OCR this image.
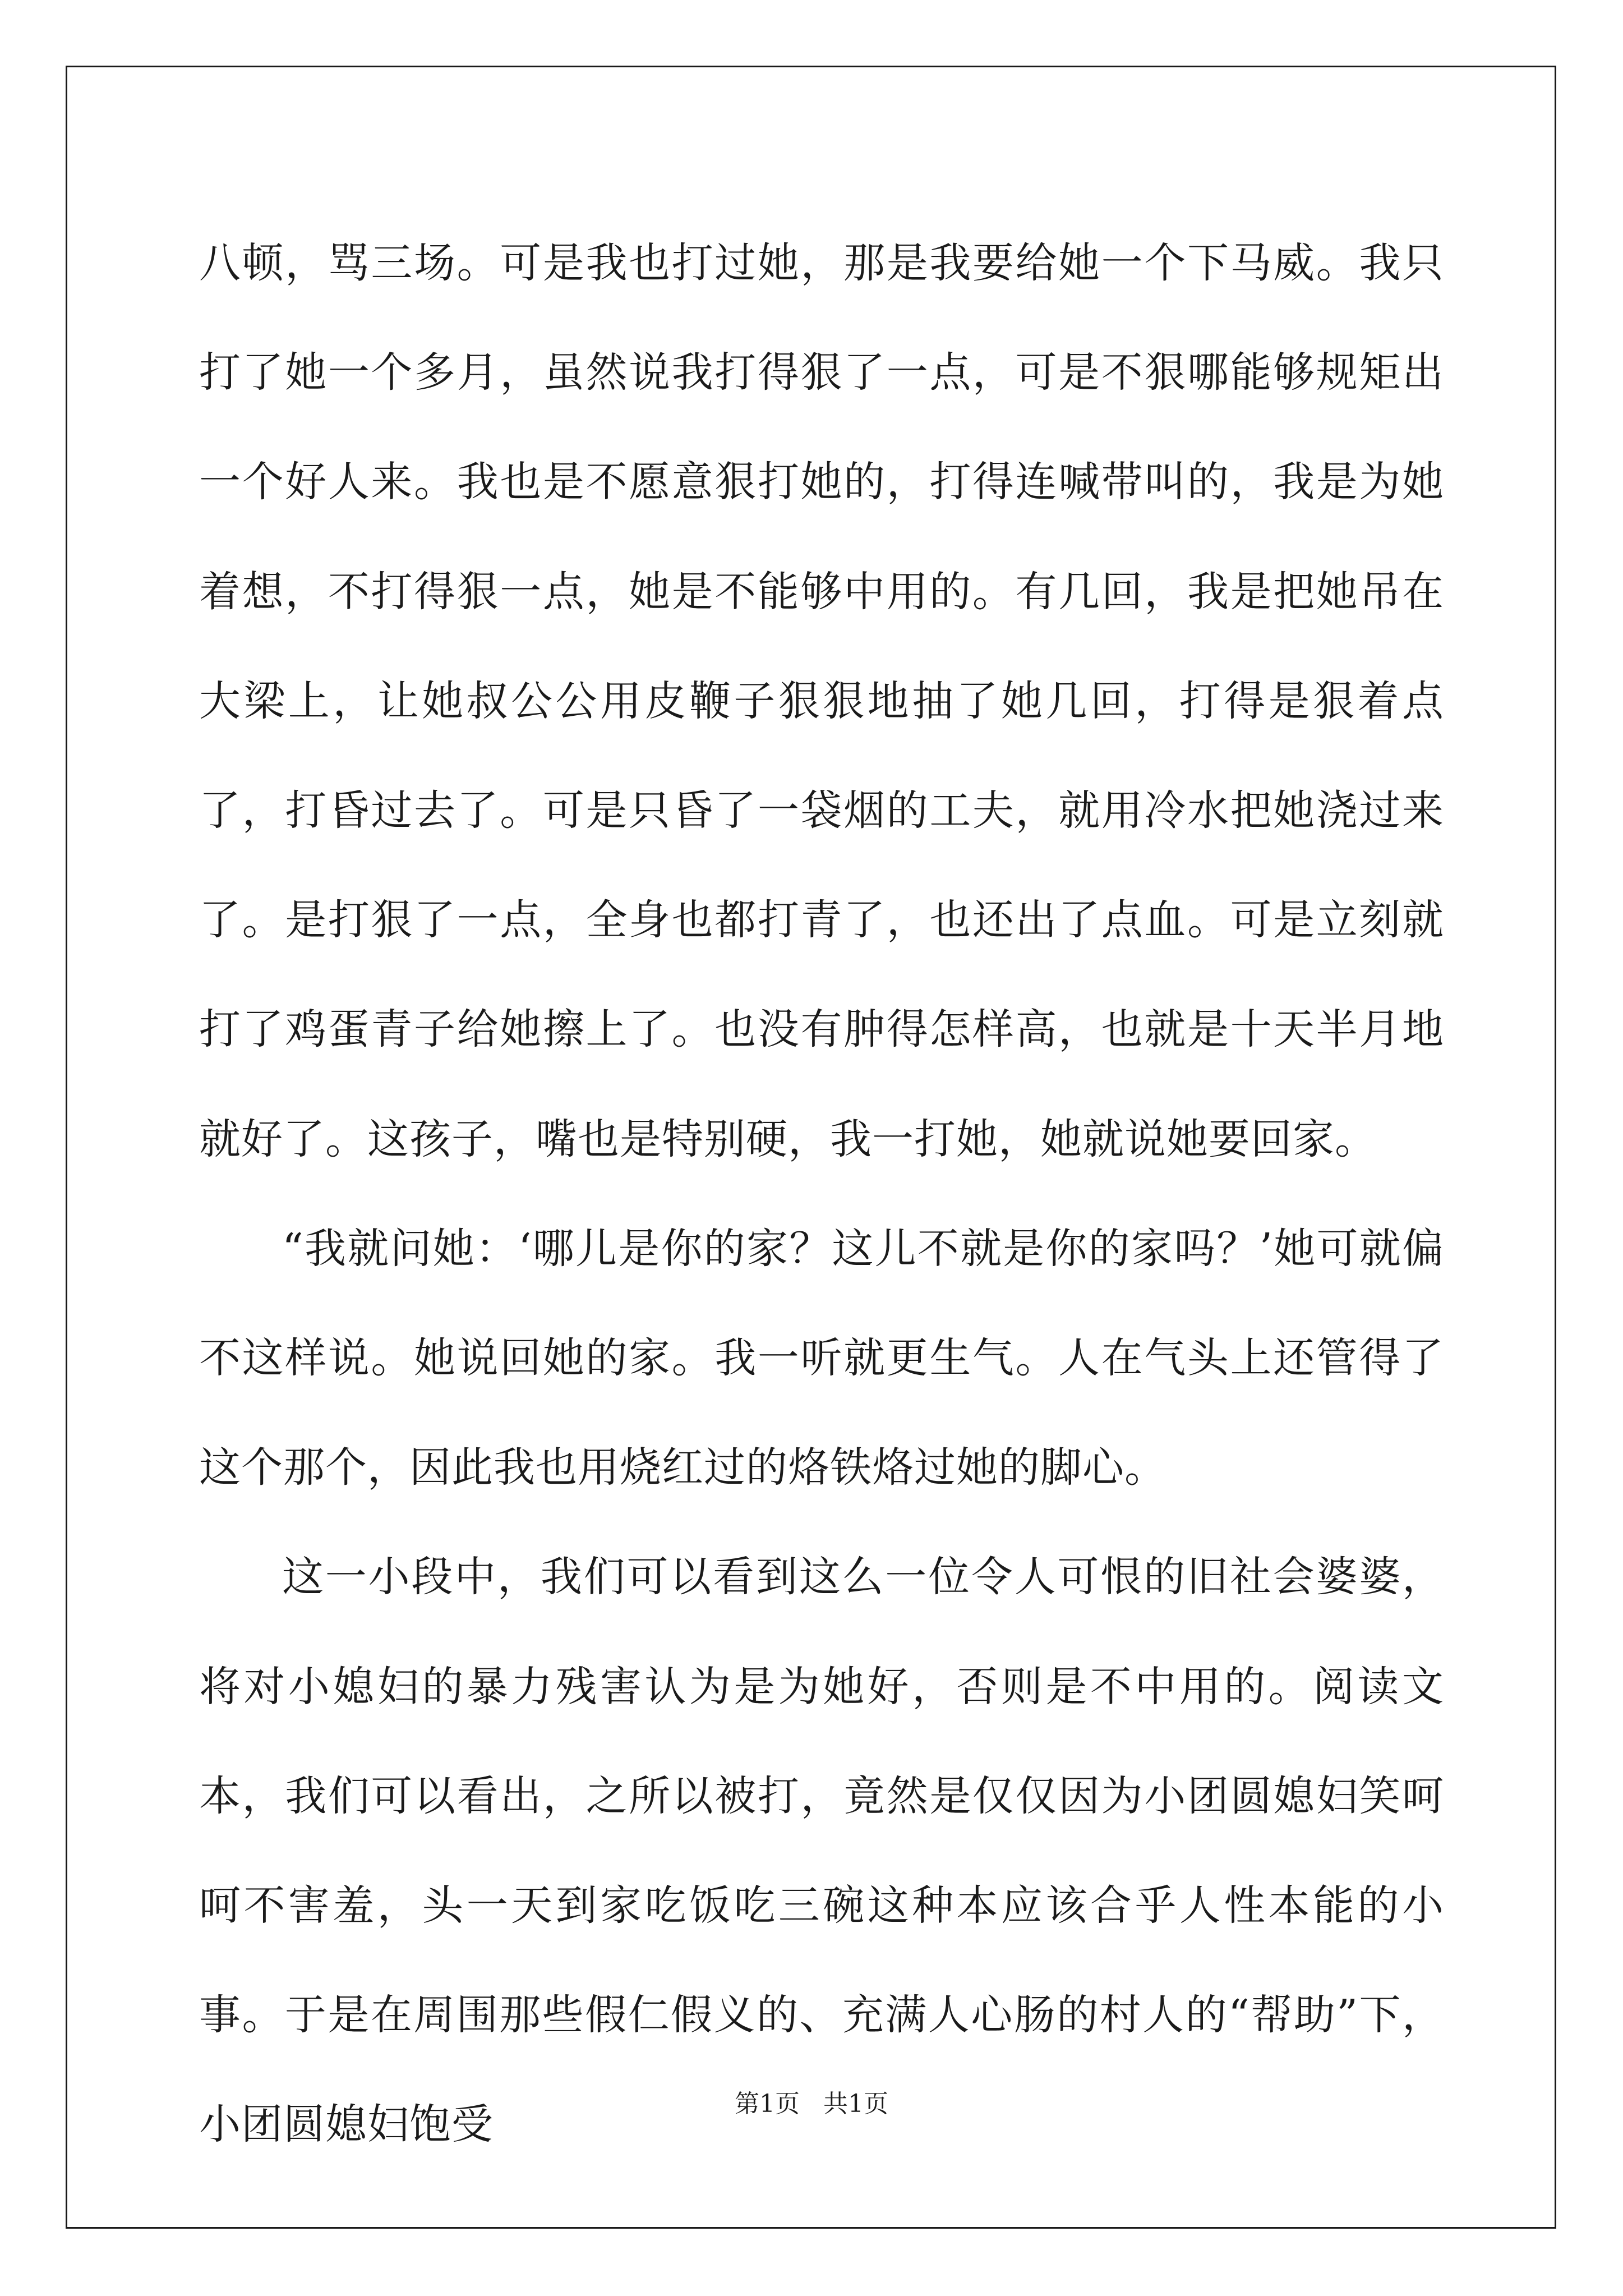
八顿，骂三场。可是我也打过她，那是我要给她一个下马威。我只打了她一个多月，虽然说我打得狠了一点，可是不狠哪能够规矩出一个好人来。我也是不愿意狠打她的，打得连喊带叫的，我是为她着想，不打得狠一点，她是不能够中用的。有几回，我是把她吊在大梁上，让她叔公公用皮鞭子狠狠地抽了她几回，打得是狠着点了，打昏过去了。可是只昏了一袋烟的工夫，就用冷水把她浇过来了。是打狠了一点，全身也都打青了，也还出了点血。可是立刻就打了鸡蛋青子给她擦上了。也没有肿得怎样高，也就是十天半月地就好了。这孩子，嘴也是特别硬，我一打她，她就说她要回家。

“我就问她：‘哪儿是你的家？这儿不就是你的家吗？’她可就偏不这样说。她说回她的家。我一听就更生气。人在气头上还管得了这个那个，因此我也用烧红过的烙铁烙过她的脚心。

这一小段中，我们可以看到这么一位令人可恨的旧社会婆婆，将对小媳妇的暴力残害认为是为她好，否则是不中用的。阅读文本，我们可以看出，之所以被打，竟然是仅仅因为小团圆媳妇笑呵呵不害羞，头一天到家吃饭吃三碗这种本应该合乎人性本能的小事。于是在周围那些假仁假义的、充满人心肠的村人的“帮助”下，小团圆媳妇饱受	第1页   共1页
